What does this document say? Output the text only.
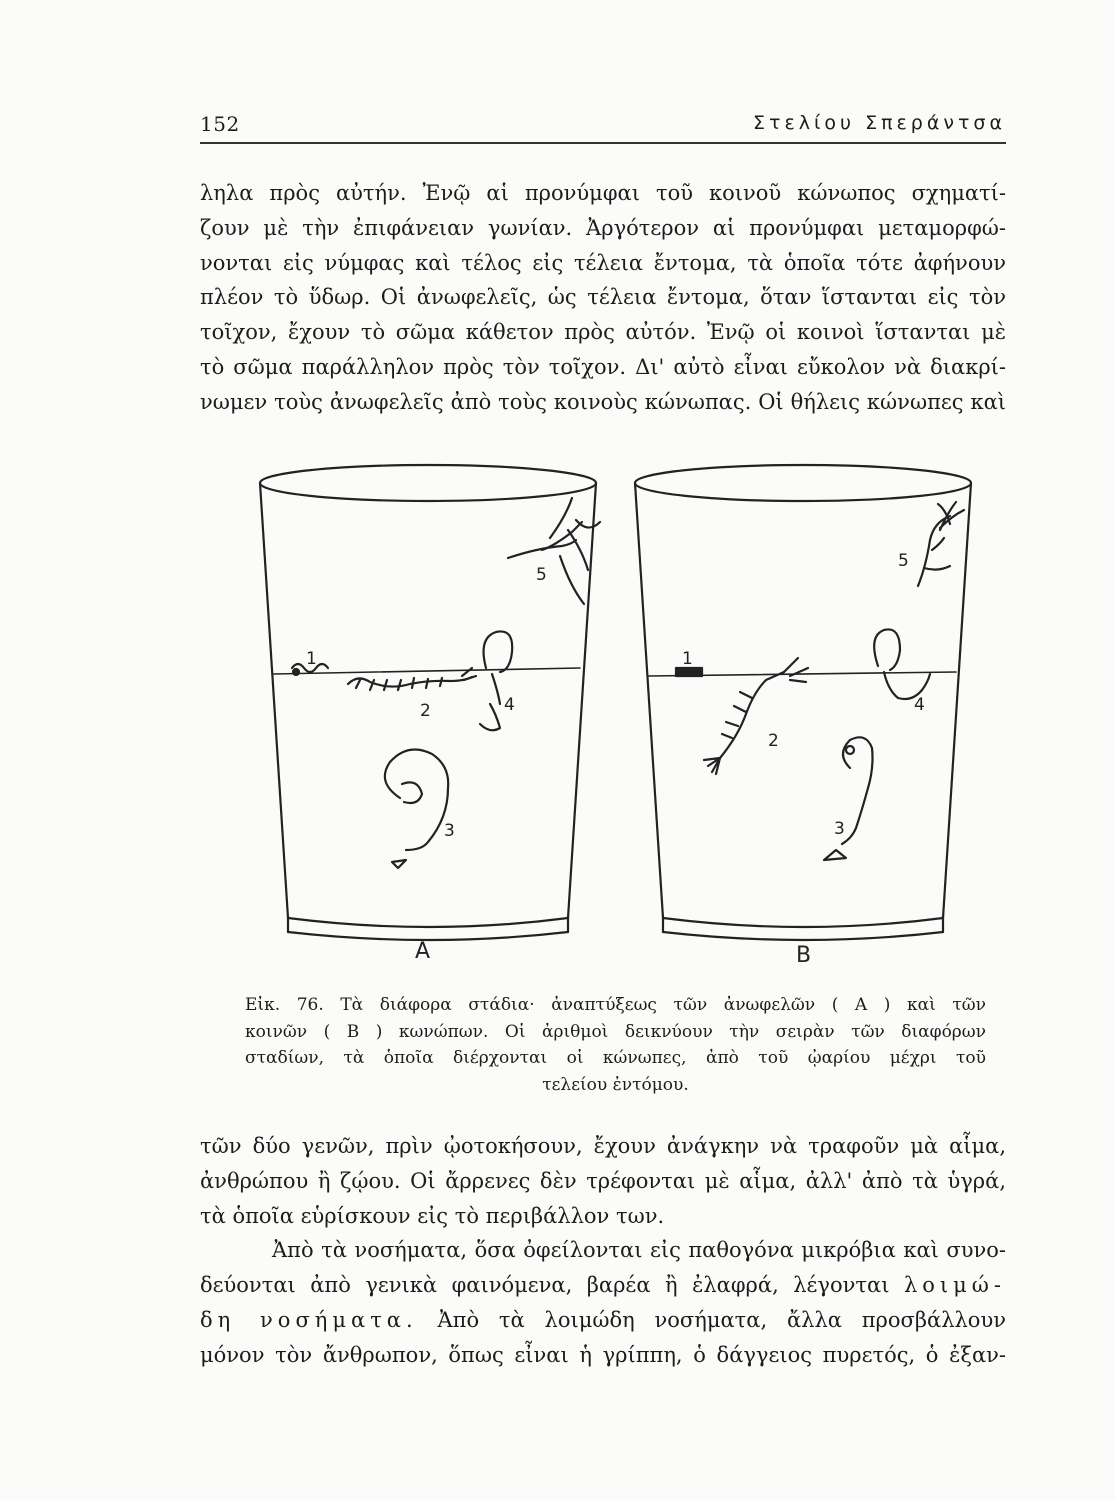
152	Στελίου Σπεράντσα
ληλα πρὸς αὐτήν. Ἐνῷ αἱ προνύμφαι τοῦ κοινοῦ κώνωπος σχηματί-
ζουν μὲ τὴν ἐπιφάνειαν γωνίαν. Ἀργότερον αἱ προνύμφαι μεταμορφώ-
νονται εἰς νύμφας καὶ τέλος εἰς τέλεια ἔντομα, τὰ ὁποῖα τότε ἀφήνουν
πλέον τὸ ὕδωρ. Οἱ ἀνωφελεῖς, ὡς τέλεια ἔντομα, ὅταν ἵστανται εἰς τὸν
τοῖχον, ἔχουν τὸ σῶμα κάθετον πρὸς αὐτόν. Ἐνῷ οἱ κοινοὶ ἵστανται μὲ
τὸ σῶμα παράλληλον πρὸς τὸν τοῖχον. Δι' αὐτὸ εἶναι εὔκολον νὰ διακρί-
νωμεν τοὺς ἀνωφελεῖς ἀπὸ τοὺς κοινοὺς κώνωπας. Οἱ θήλεις κώνωπες καὶ
A	B
1
2
3
4
5
1
2
3
4
5
Εἰκ. 76. Τὰ διάφορα στάδια· ἀναπτύξεως τῶν ἀνωφελῶν ( A ) καὶ τῶν
κοινῶν ( B ) κωνώπων. Οἱ ἀριθμοὶ δεικνύουν τὴν σειρὰν τῶν διαφόρων
σταδίων, τὰ ὁποῖα διέρχονται οἱ κώνωπες, ἀπὸ τοῦ ᾠαρίου μέχρι τοῦ
τελείου ἐντόμου.
τῶν δύο γενῶν, πρὶν ᾠοτοκήσουν, ἔχουν ἀνάγκην νὰ τραφοῦν μὰ αἷμα,
ἀνθρώπου ἢ ζῴου. Οἱ ἄρρενες δὲν τρέφονται μὲ αἷμα, ἀλλ' ἀπὸ τὰ ὑγρά,
τὰ ὁποῖα εὑρίσκουν εἰς τὸ περιβάλλον των.
Ἀπὸ τὰ νοσήματα, ὅσα ὀφείλονται εἰς παθογόνα μικρόβια καὶ συνο-
δεύονται ἀπὸ γενικὰ φαινόμενα, βαρέα ἢ ἐλαφρά, λέγονται λοιμώ-
δη νοσήματα. Ἀπὸ τὰ λοιμώδη νοσήματα, ἄλλα προσβάλλουν
μόνον τὸν ἄνθρωπον, ὅπως εἶναι ἡ γρίππη, ὁ δάγγειος πυρετός, ὁ ἐξαν-
